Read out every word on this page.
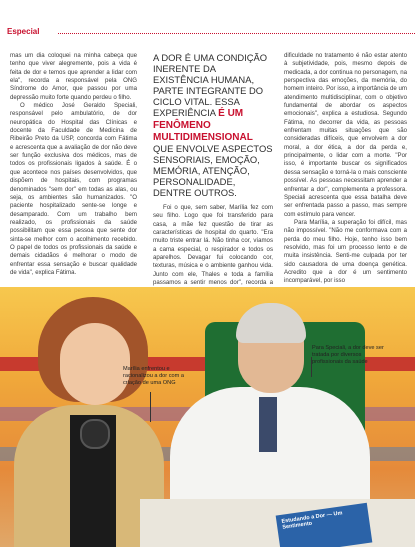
Especial

mas um dia coloquei na minha cabeça que tenho que viver alegremente, pois a vida é feita de dor e temos que aprender a lidar com ela", recorda a responsável pela ONG Síndrome do Amor, que passou por uma depressão muito forte quando perdeu o filho.

O médico José Geraldo Speciali, responsável pelo ambulatório, de dor neuropática do Hospital das Clínicas e docente da Faculdade de Medicina de Ribeirão Preto da USP, concorda com Fátima e acrescenta que a avaliação de dor não deve ser função exclusiva dos médicos, mas de todos os profissionais ligados à saúde. É o que acontece nos países desenvolvidos, que dispõem de hospitais, com programas denominados "sem dor" em todas as alas, ou seja, os ambientes são humanizados. "O paciente hospitalizado sente-se longe e desamparado. Com um trabalho bem realizado, os profissionais da saúde possibilitam que essa pessoa que sente dor sinta-se melhor com o acolhimento recebido. O papel de todos os profissionais da saúde e demais cidadãos é melhorar o modo de enfrentar essa sensação e buscar qualidade de vida", explica Fátima.

A DOR É UMA CONDIÇÃO INERENTE DA EXISTÊNCIA HUMANA, PARTE INTEGRANTE DO CICLO VITAL. ESSA EXPERIÊNCIA É UM FENÔMENO MULTIDIMENSIONAL QUE ENVOLVE ASPECTOS SENSORIAIS, EMOÇÃO, MEMÓRIA, ATENÇÃO, PERSONALIDADE, DENTRE OUTROS.

Foi o que, sem saber, Marília fez com seu filho. Logo que foi transferido para casa, a mãe fez questão de tirar as características de hospital do quarto. "Era muito triste entrar lá. Não tinha cor, víamos a cama especial, o respirador e todos os aparelhos. Devagar fui colocando cor, texturas, música e o ambiente ganhou vida. Junto com ele, Thales e toda a família passamos a sentir menos dor", recorda a

dificuldade no tratamento é não estar atento à subjetividade, pois, mesmo depois de medicada, a dor continua no personagem, na perspectiva das emoções, da memória, do homem inteiro. Por isso, a importância de um atendimento multidisciplinar, com o objetivo fundamental de abordar os aspectos emocionais", explica a estudiosa. Segundo Fátima, no decorrer da vida, as pessoas enfrentam muitas situações que são consideradas difíceis, que envolvem a dor moral, a dor ética, a dor da perda e, principalmente, o lidar com a morte. "Por isso, é importante buscar os significados dessa sensação e torná-la o mais consciente possível. As pessoas necessitam aprender a enfrentar a dor", complementa a professora. Speciali acrescenta que essa batalha deve ser enfrentada passo a passo, mas sempre com estímulo para vencer.

Para Marília, a superação foi difícil, mas não impossível. "Não me conformava com a perda do meu filho. Hoje, tenho isso bem resolvido, mas foi um processo lento e de muita insistência. Senti-me culpada por ter sido causadora de uma doença genética. Acredito que a dor é um sentimento incomparável, por isso

Estudando a Dor — Um Sentimento
Marília enfrentou e racionalizou a dor com a criação de uma ONG
Para Speciali, a dor deve ser tratada por diversos profissionais da saúde
